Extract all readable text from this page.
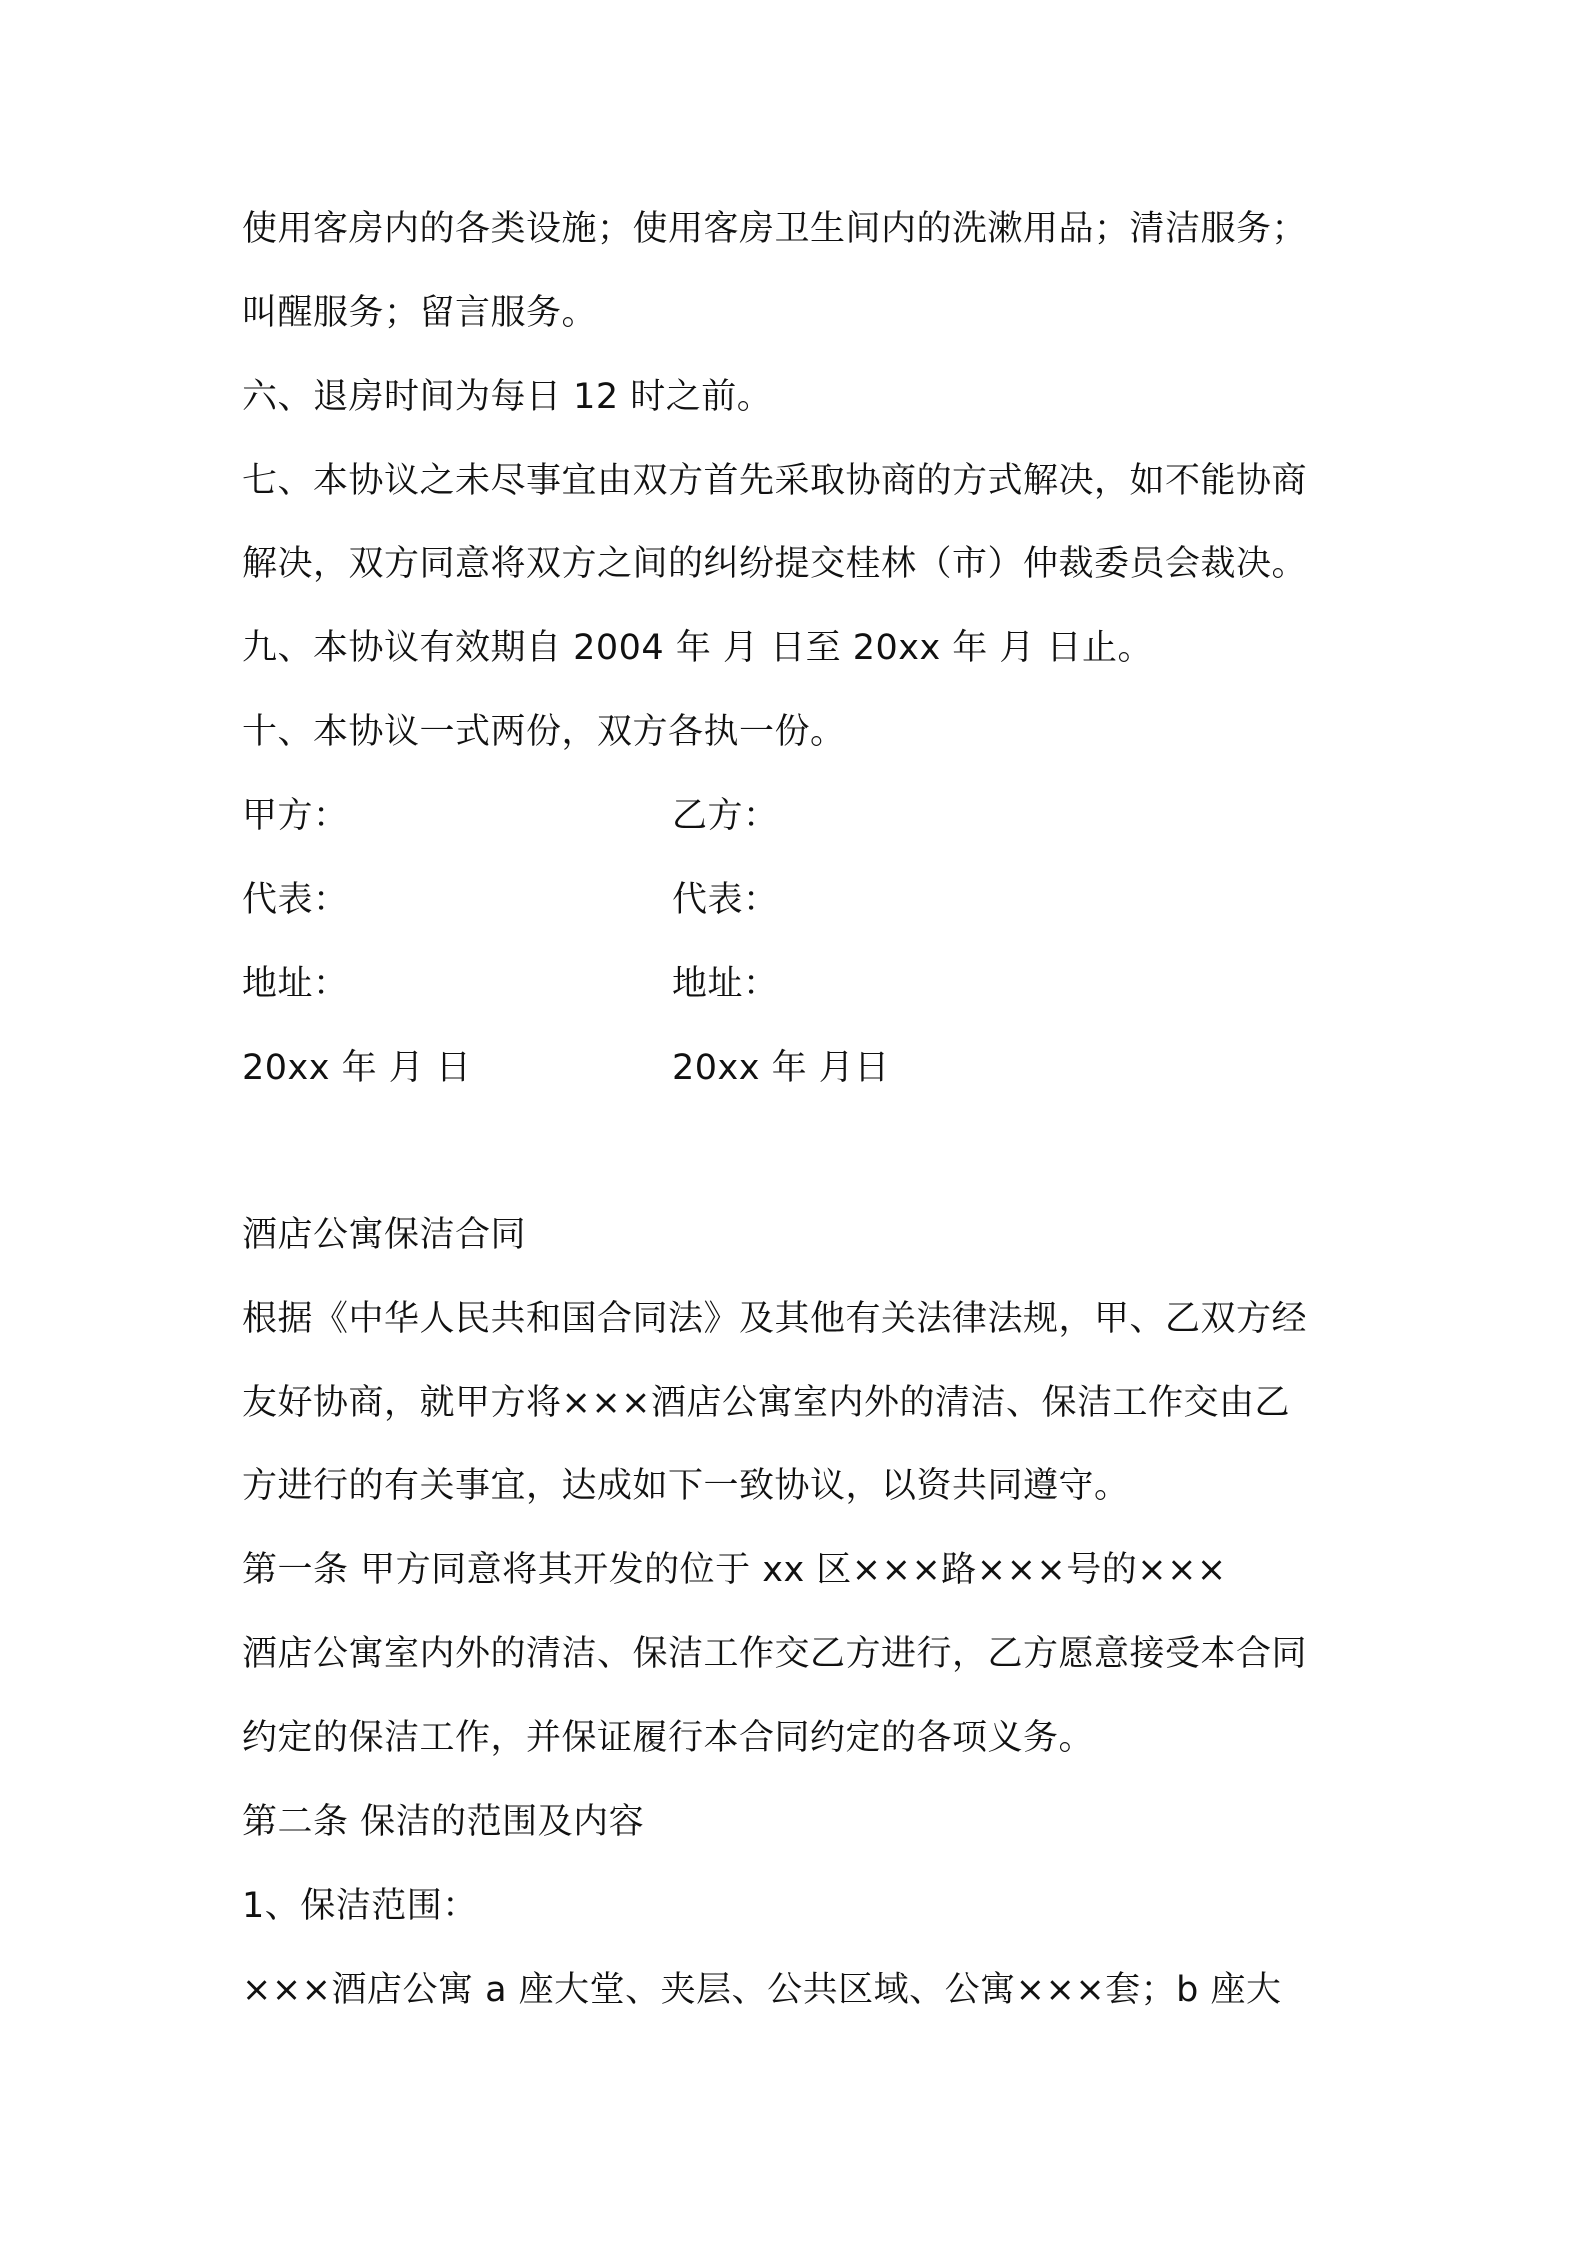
使用客房内的各类设施；使用客房卫生间内的洗漱用品；清洁服务；
叫醒服务；留言服务。
六、退房时间为每日 12 时之前。
七、本协议之未尽事宜由双方首先采取协商的方式解决，如不能协商
解决，双方同意将双方之间的纠纷提交桂林（市）仲裁委员会裁决。
九、本协议有效期自 2004 年 月 日至 20xx 年 月 日止。
十、本协议一式两份，双方各执一份。
甲方：	乙方：
代表：	代表：
地址：	地址：
20xx 年 月 日	20xx 年 月日
酒店公寓保洁合同
根据《中华人民共和国合同法》及其他有关法律法规，甲、乙双方经
友好协商，就甲方将×××酒店公寓室内外的清洁、保洁工作交由乙
方进行的有关事宜，达成如下一致协议，以资共同遵守。
第一条 甲方同意将其开发的位于 xx 区×××路×××号的×××
酒店公寓室内外的清洁、保洁工作交乙方进行，乙方愿意接受本合同
约定的保洁工作，并保证履行本合同约定的各项义务。
第二条 保洁的范围及内容
1、保洁范围：
×××酒店公寓 a 座大堂、夹层、公共区域、公寓×××套；b 座大
